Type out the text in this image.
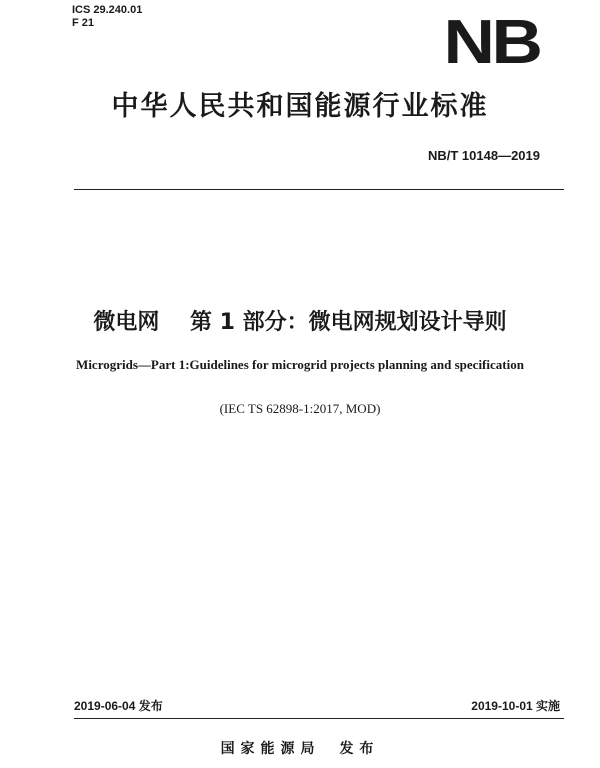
ICS 29.240.01
F 21	NB
中华人民共和国能源行业标准
NB/T 10148—2019
微电网    第 1 部分：微电网规划设计导则
Microgrids—Part 1:Guidelines for microgrid projects planning and specification
(IEC TS 62898-1:2017, MOD)
2019-06-04 发布	2019-10-01 实施
国家能源局 发布
